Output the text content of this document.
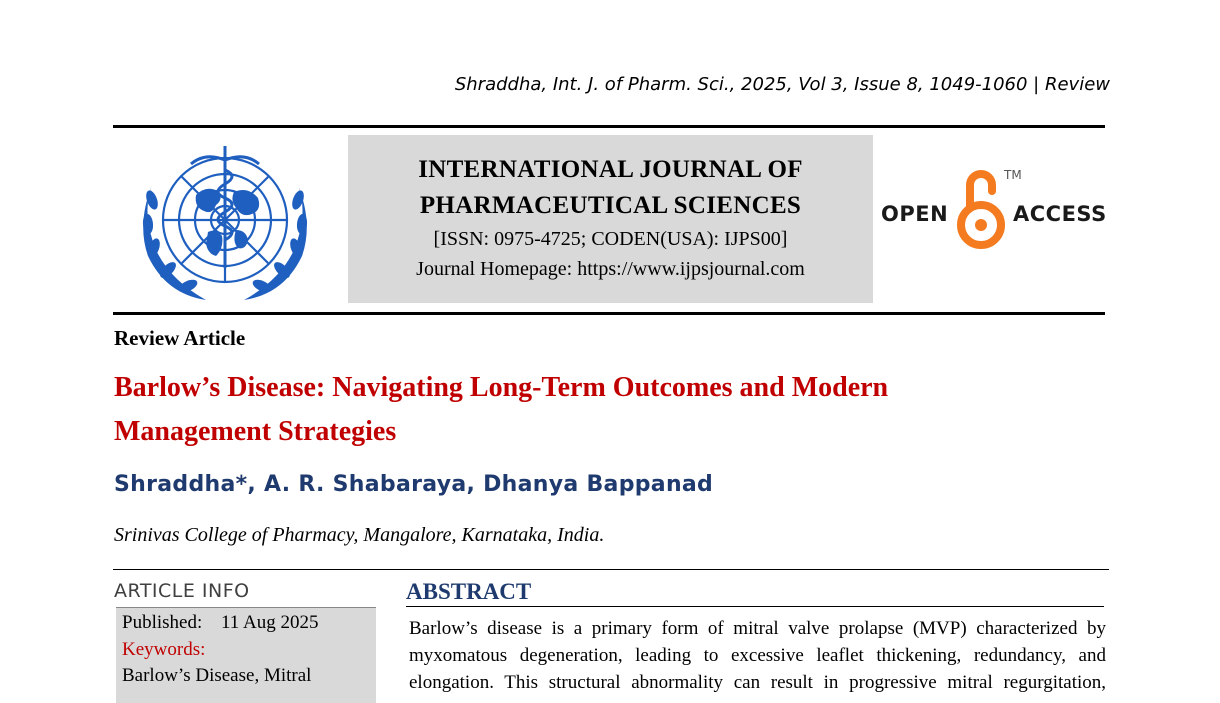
Shraddha, Int. J. of Pharm. Sci., 2025, Vol 3, Issue 8, 1049-1060 | Review
INTERNATIONAL JOURNAL OF
PHARMACEUTICAL SCIENCES
[ISSN: 0975-4725; CODEN(USA): IJPS00]
Journal Homepage: https://www.ijpsjournal.com
OPEN
TM
ACCESS
Review Article
Barlow’s Disease: Navigating Long-Term Outcomes and Modern
Management Strategies
Shraddha*, A. R. Shabaraya, Dhanya Bappanad
Srinivas College of Pharmacy, Mangalore, Karnataka, India.
ARTICLE INFO
Published: 11 Aug 2025
Keywords:
Barlow’s Disease, Mitral
ABSTRACT
Barlow’s disease is a primary form of mitral valve prolapse (MVP) characterized by
myxomatous degeneration, leading to excessive leaflet thickening, redundancy, and
elongation. This structural abnormality can result in progressive mitral regurgitation,
